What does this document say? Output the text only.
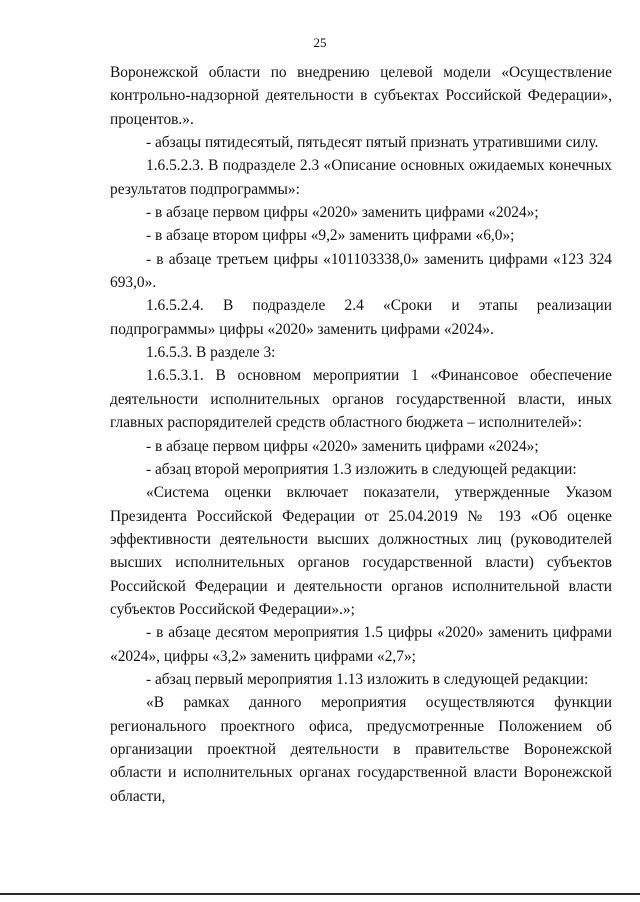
25

Воронежской области по внедрению целевой модели «Осуществление контрольно-надзорной деятельности в субъектах Российской Федерации», процентов.».

- абзацы пятидесятый, пятьдесят пятый признать утратившими силу.

1.6.5.2.3. В подразделе 2.3 «Описание основных ожидаемых конечных результатов подпрограммы»:

- в абзаце первом цифры «2020» заменить цифрами «2024»;

- в абзаце втором цифры «9,2» заменить цифрами «6,0»;

- в абзаце третьем цифры «101103338,0» заменить цифрами «123 324 693,0».

1.6.5.2.4. В подразделе 2.4 «Сроки и этапы реализации подпрограммы» цифры «2020» заменить цифрами «2024».

1.6.5.3. В разделе 3:

1.6.5.3.1. В основном мероприятии 1 «Финансовое обеспечение деятельности исполнительных органов государственной власти, иных главных распорядителей средств областного бюджета – исполнителей»:

- в абзаце первом цифры «2020» заменить цифрами «2024»;

- абзац второй мероприятия 1.3 изложить в следующей редакции:

«Система оценки включает показатели, утвержденные Указом Президента Российской Федерации от 25.04.2019 № 193 «Об оценке эффективности деятельности высших должностных лиц (руководителей высших исполнительных органов государственной власти) субъектов Российской Федерации и деятельности органов исполнительной власти субъектов Российской Федерации».»;

- в абзаце десятом мероприятия 1.5 цифры «2020» заменить цифрами «2024», цифры «3,2» заменить цифрами «2,7»;

- абзац первый мероприятия 1.13 изложить в следующей редакции:

«В рамках данного мероприятия осуществляются функции регионального проектного офиса, предусмотренные Положением об организации проектной деятельности в правительстве Воронежской области и исполнительных органах государственной власти Воронежской области,
